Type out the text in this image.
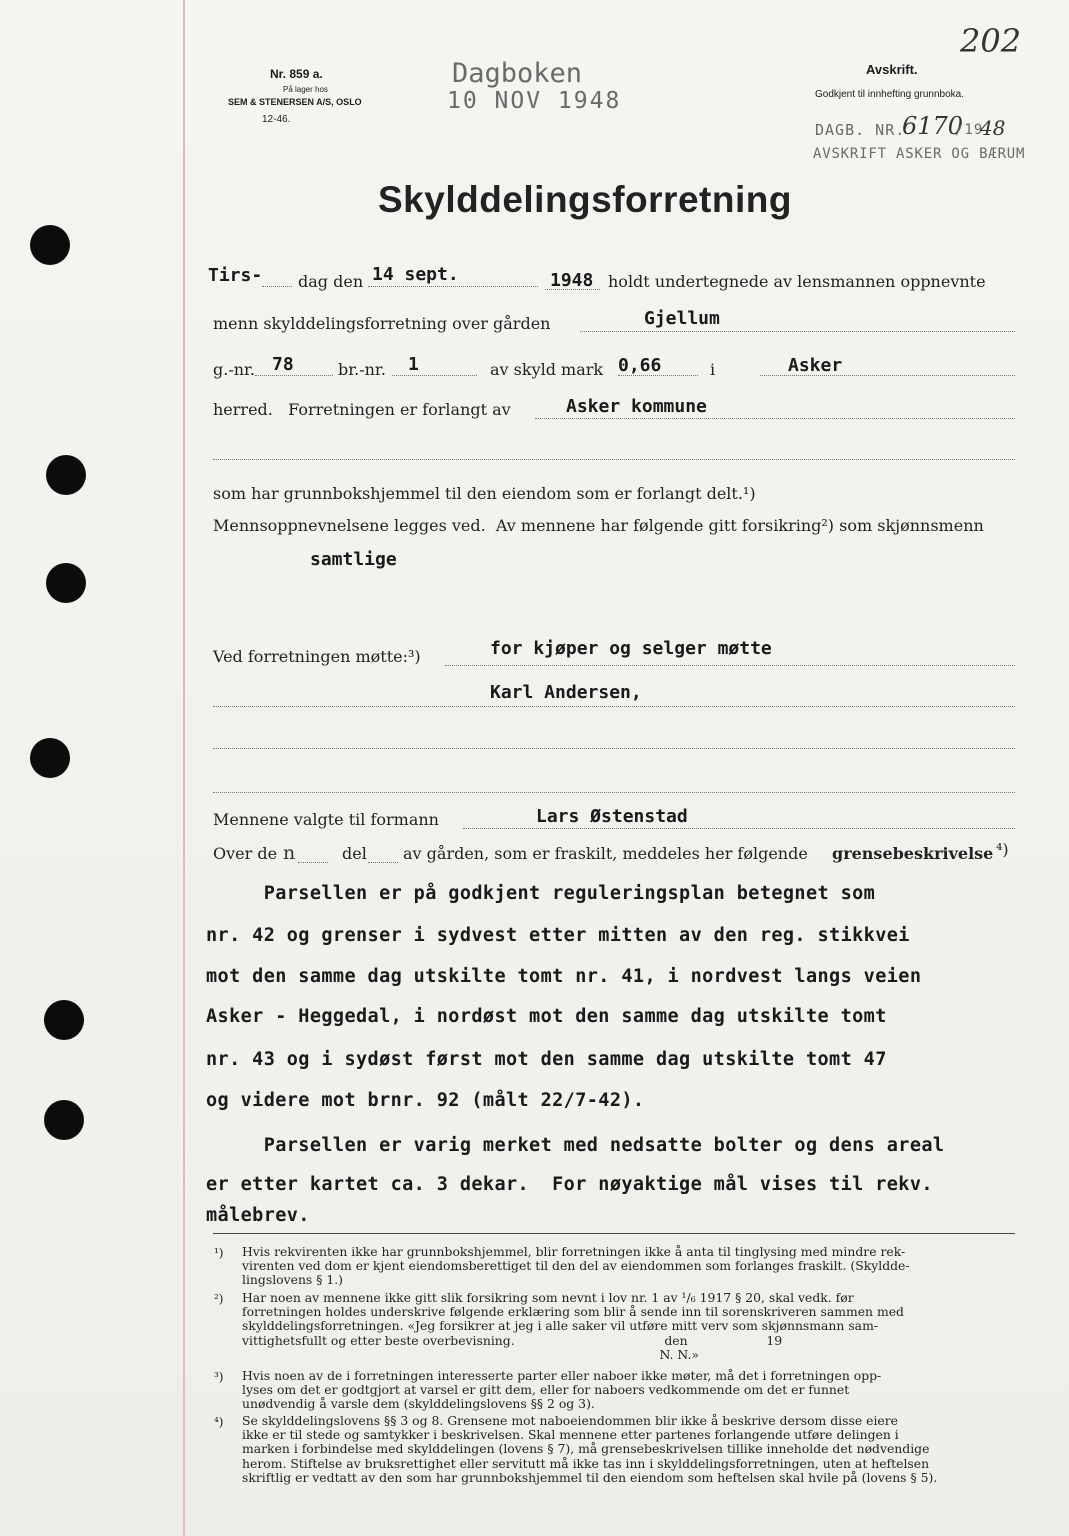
202
Nr. 859 a.
På lager hos
SEM & STENERSEN A/S, OSLO
12-46.
Dagboken
10 NOV 1948
Avskrift.
Godkjent til innhefting grunnboka.
DAGB. NR.
6170
/19
48
AVSKRIFT ASKER OG BÆRUM
Skylddelingsforretning
Tirs- dag den 14 sept.	1948 holdt undertegnede av lensmannen oppnevnte
menn skylddelingsforretning over gården	Gjellum
g.-nr. 78	br.-nr. 1	av skyld mark 0,66	i	Asker
herred.   Forretningen er forlangt av	Asker kommune
som har grunnbokshjemmel til den eiendom som er forlangt delt.¹)
Mennsoppnevnelsene legges ved.  Av mennene har følgende gitt forsikring²) som skjønnsmenn
samtlige
Ved forretningen møtte:³)	for kjøper og selger møtte
Karl Andersen,
Mennene valgte til formann	Lars Østenstad
Over de n	del av gården, som er fraskilt, meddeles her følgende grensebeskrivelse ⁴)
Parsellen er på godkjent reguleringsplan betegnet som
nr. 42 og grenser i sydvest etter mitten av den reg. stikkvei
mot den samme dag utskilte tomt nr. 41, i nordvest langs veien
Asker - Heggedal, i nordøst mot den samme dag utskilte tomt
nr. 43 og i sydøst først mot den samme dag utskilte tomt 47
og videre mot brnr. 92 (målt 22/7-42).
Parsellen er varig merket med nedsatte bolter og dens areal
er etter kartet ca. 3 dekar.  For nøyaktige mål vises til rekv.
målebrev.
¹) Hvis rekvirenten ikke har grunnbokshjemmel, blir forretningen ikke å anta til tinglysing med mindre rek-
virenten ved dom er kjent eiendomsberettiget til den del av eiendommen som forlanges fraskilt. (Skyldde-
lingslovens § 1.)
²) Har noen av mennene ikke gitt slik forsikring som nevnt i lov nr. 1 av ¹/₆ 1917 § 20, skal vedk. før
forretningen holdes underskrive følgende erklæring som blir å sende inn til sorenskriveren sammen med
skylddelingsforretningen. «Jeg forsikrer at jeg i alle saker vil utføre mitt verv som skjønnsmann sam-
vittighetsfullt og etter beste overbevisning.                                      den                    19
N. N.»
³) Hvis noen av de i forretningen interesserte parter eller naboer ikke møter, må det i forretningen opp-
lyses om det er godtgjort at varsel er gitt dem, eller for naboers vedkommende om det er funnet
unødvendig å varsle dem (skylddelingslovens §§ 2 og 3).
⁴) Se skylddelingslovens §§ 3 og 8. Grensene mot naboeiendommen blir ikke å beskrive dersom disse eiere
ikke er til stede og samtykker i beskrivelsen. Skal mennene etter partenes forlangende utføre delingen i
marken i forbindelse med skylddelingen (lovens § 7), må grensebeskrivelsen tillike inneholde det nødvendige
herom. Stiftelse av bruksrettighet eller servitutt må ikke tas inn i skylddelingsforretningen, uten at heftelsen
skriftlig er vedtatt av den som har grunnbokshjemmel til den eiendom som heftelsen skal hvile på (lovens § 5).
